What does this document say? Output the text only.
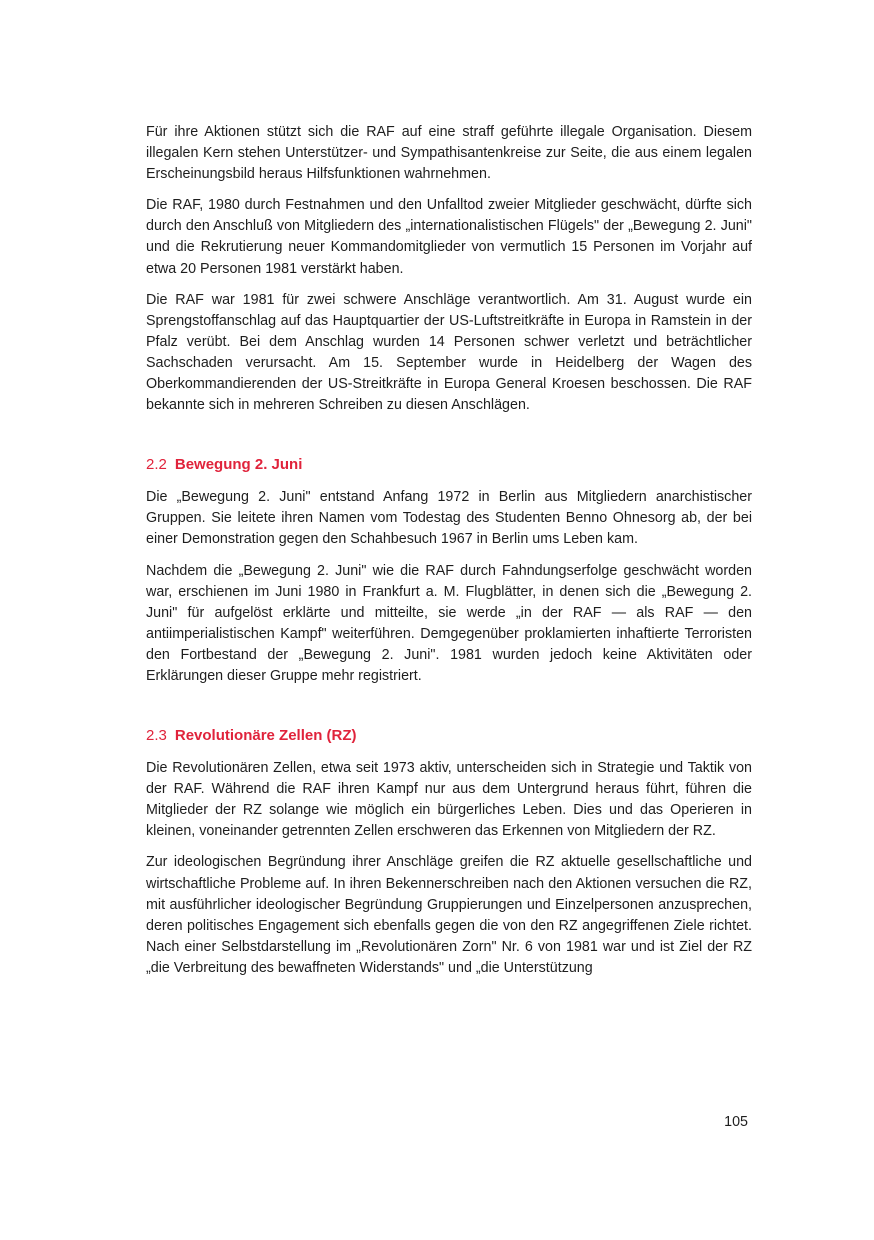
Für ihre Aktionen stützt sich die RAF auf eine straff geführte illegale Organisation. Diesem illegalen Kern stehen Unterstützer- und Sympathisantenkreise zur Seite, die aus einem legalen Erscheinungsbild heraus Hilfsfunktionen wahrnehmen.

Die RAF, 1980 durch Festnahmen und den Unfalltod zweier Mitglieder geschwächt, dürfte sich durch den Anschluß von Mitgliedern des „internationalistischen Flügels" der „Bewegung 2. Juni" und die Rekrutierung neuer Kommandomitglieder von vermutlich 15 Personen im Vorjahr auf etwa 20 Personen 1981 verstärkt haben.

Die RAF war 1981 für zwei schwere Anschläge verantwortlich. Am 31. August wurde ein Sprengstoffanschlag auf das Hauptquartier der US-Luftstreitkräfte in Europa in Ramstein in der Pfalz verübt. Bei dem Anschlag wurden 14 Personen schwer verletzt und beträchtlicher Sachschaden verursacht. Am 15. September wurde in Heidelberg der Wagen des Oberkommandierenden der US-Streitkräfte in Europa General Kroesen beschossen. Die RAF bekannte sich in mehreren Schreiben zu diesen Anschlägen.

2.2 Bewegung 2. Juni

Die „Bewegung 2. Juni" entstand Anfang 1972 in Berlin aus Mitgliedern anarchistischer Gruppen. Sie leitete ihren Namen vom Todestag des Studenten Benno Ohnesorg ab, der bei einer Demonstration gegen den Schahbesuch 1967 in Berlin ums Leben kam.

Nachdem die „Bewegung 2. Juni" wie die RAF durch Fahndungserfolge geschwächt worden war, erschienen im Juni 1980 in Frankfurt a. M. Flugblätter, in denen sich die „Bewegung 2. Juni" für aufgelöst erklärte und mitteilte, sie werde „in der RAF — als RAF — den antiimperialistischen Kampf" weiterführen. Demgegenüber proklamierten inhaftierte Terroristen den Fortbestand der „Bewegung 2. Juni". 1981 wurden jedoch keine Aktivitäten oder Erklärungen dieser Gruppe mehr registriert.

2.3 Revolutionäre Zellen (RZ)

Die Revolutionären Zellen, etwa seit 1973 aktiv, unterscheiden sich in Strategie und Taktik von der RAF. Während die RAF ihren Kampf nur aus dem Untergrund heraus führt, führen die Mitglieder der RZ solange wie möglich ein bürgerliches Leben. Dies und das Operieren in kleinen, voneinander getrennten Zellen erschweren das Erkennen von Mitgliedern der RZ.

Zur ideologischen Begründung ihrer Anschläge greifen die RZ aktuelle gesellschaftliche und wirtschaftliche Probleme auf. In ihren Bekennerschreiben nach den Aktionen versuchen die RZ, mit ausführlicher ideologischer Begründung Gruppierungen und Einzelpersonen anzusprechen, deren politisches Engagement sich ebenfalls gegen die von den RZ angegriffenen Ziele richtet. Nach einer Selbstdarstellung im „Revolutionären Zorn" Nr. 6 von 1981 war und ist Ziel der RZ „die Verbreitung des bewaffneten Widerstands" und „die Unterstützung

105
